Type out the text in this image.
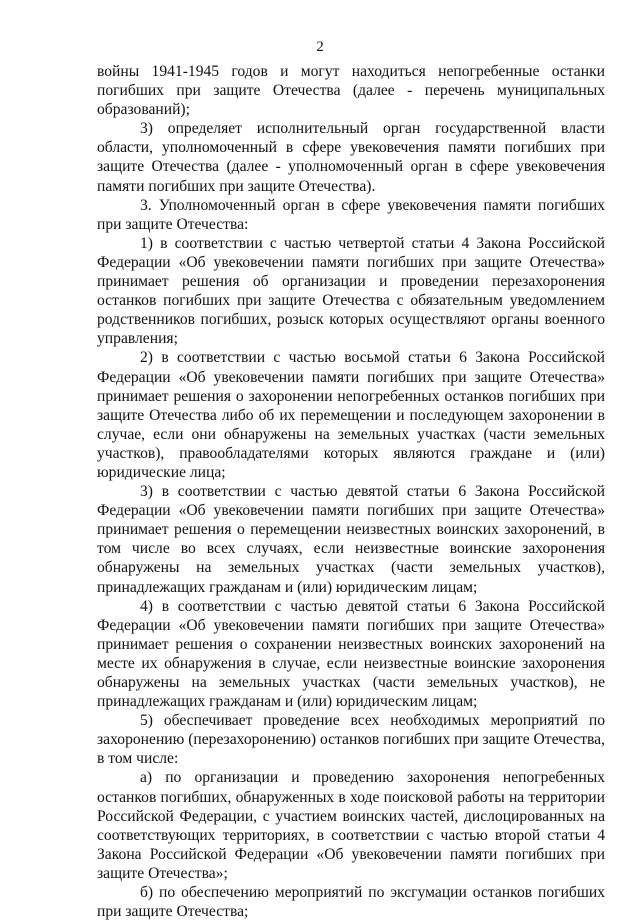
2

войны 1941-1945 годов и могут находиться непогребенные останки погибших при защите Отечества (далее - перечень муниципальных образований);

3) определяет исполнительный орган государственной власти области, уполномоченный в сфере увековечения памяти погибших при защите Отечества (далее - уполномоченный орган в сфере увековечения памяти погибших при защите Отечества).

3. Уполномоченный орган в сфере увековечения памяти погибших при защите Отечества:

1) в соответствии с частью четвертой статьи 4 Закона Российской Федерации «Об увековечении памяти погибших при защите Отечества» принимает решения об организации и проведении перезахоронения останков погибших при защите Отечества с обязательным уведомлением родственников погибших, розыск которых осуществляют органы военного управления;

2) в соответствии с частью восьмой статьи 6 Закона Российской Федерации «Об увековечении памяти погибших при защите Отечества» принимает решения о захоронении непогребенных останков погибших при защите Отечества либо об их перемещении и последующем захоронении в случае, если они обнаружены на земельных участках (части земельных участков), правообладателями которых являются граждане и (или) юридические лица;

3) в соответствии с частью девятой статьи 6 Закона Российской Федерации «Об увековечении памяти погибших при защите Отечества» принимает решения о перемещении неизвестных воинских захоронений, в том числе во всех случаях, если неизвестные воинские захоронения обнаружены на земельных участках (части земельных участков), принадлежащих гражданам и (или) юридическим лицам;

4) в соответствии с частью девятой статьи 6 Закона Российской Федерации «Об увековечении памяти погибших при защите Отечества» принимает решения о сохранении неизвестных воинских захоронений на месте их обнаружения в случае, если неизвестные воинские захоронения обнаружены на земельных участках (части земельных участков), не принадлежащих гражданам и (или) юридическим лицам;

5) обеспечивает проведение всех необходимых мероприятий по захоронению (перезахоронению) останков погибших при защите Отечества, в том числе:

а) по организации и проведению захоронения непогребенных останков погибших, обнаруженных в ходе поисковой работы на территории Российской Федерации, с участием воинских частей, дислоцированных на соответствующих территориях, в соответствии с частью второй статьи 4 Закона Российской Федерации «Об увековечении памяти погибших при защите Отечества»;

б) по обеспечению мероприятий по эксгумации останков погибших при защите Отечества;
